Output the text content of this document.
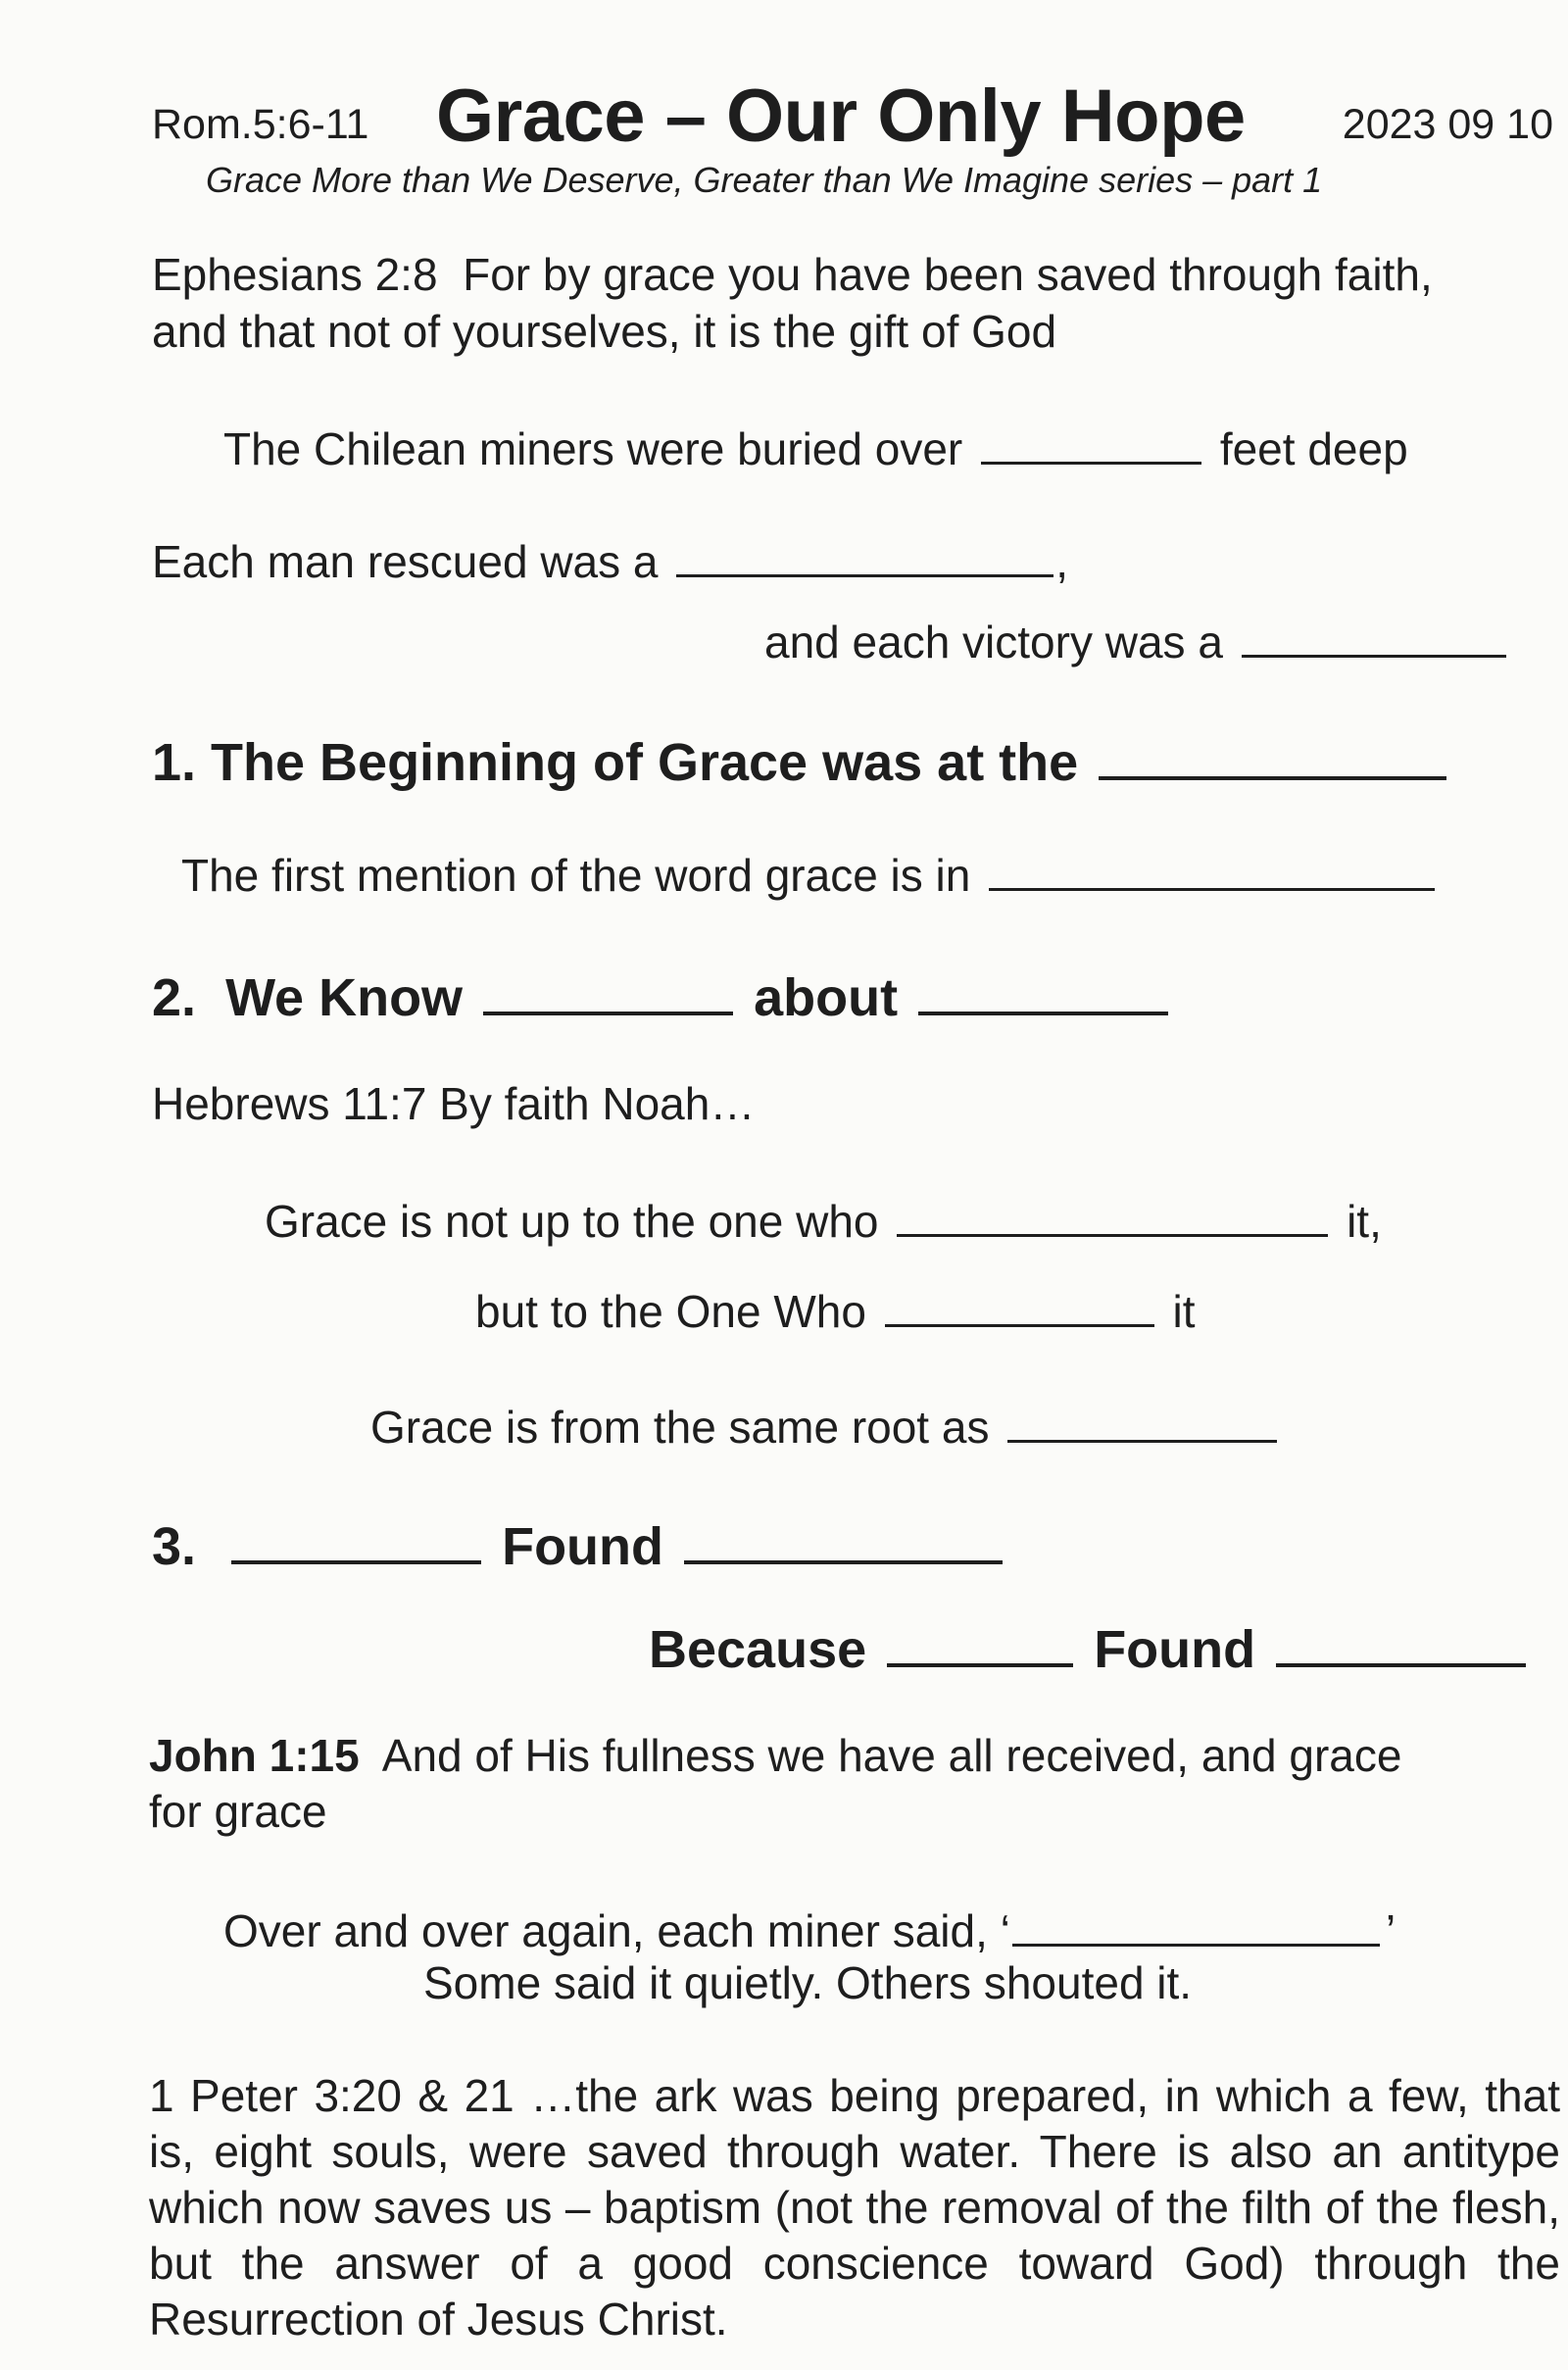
Rom.5:6-11 Grace – Our Only Hope 2023 09 10
Grace More than We Deserve, Greater than We Imagine series – part 1
Ephesians 2:8 For by grace you have been saved through faith,
and that not of yourselves, it is the gift of God
The Chilean miners were buried over	feet deep
Each man rescued was a	,
and each victory was a
1. The Beginning of Grace was at the
The first mention of the word grace is in
2. We Know	about
Hebrews 11:7 By faith Noah…
Grace is not up to the one who	it,
but to the One Who	it
Grace is from the same root as
3.	Found
Because	Found
John 1:15 And of His fullness we have all received, and grace
for grace
Over and over again, each miner said, ‘	’
Some said it quietly. Others shouted it.
1 Peter 3:20 & 21 …the ark was being prepared, in which a few, that is, eight souls, were saved through water. There is also an antitype which now saves us – baptism (not the removal of the filth of the flesh, but the answer of a good conscience toward God) through the Resurrection of Jesus Christ.
